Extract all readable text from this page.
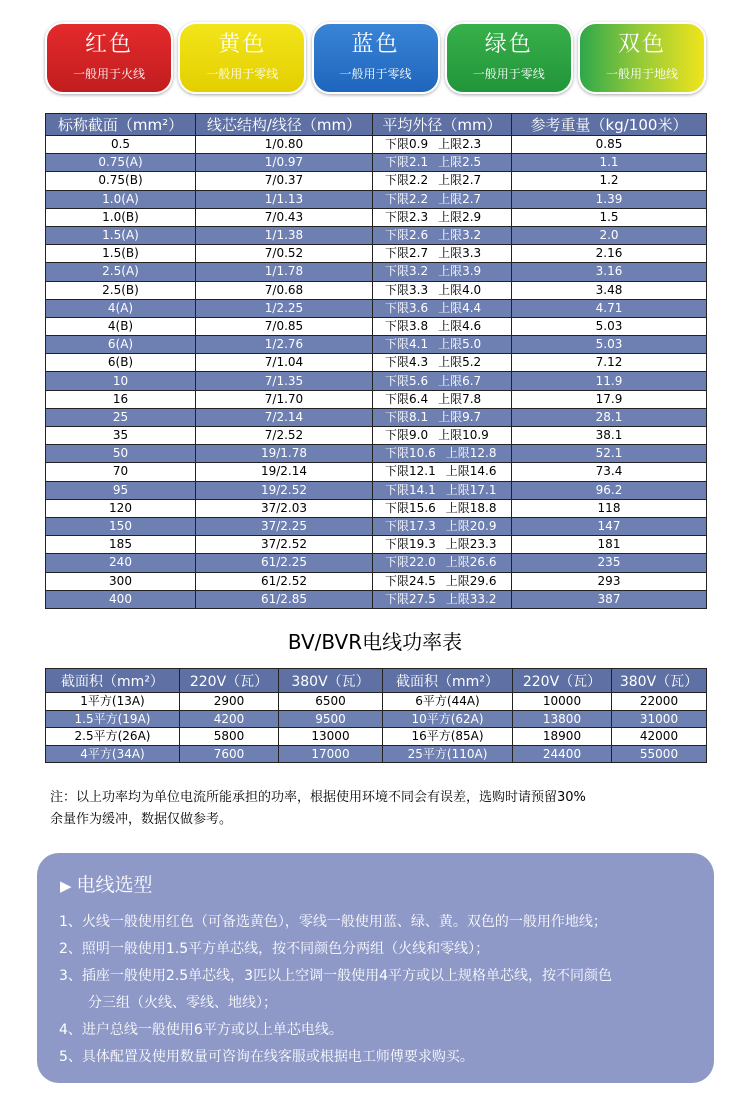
红色
一般用于火线
黄色
一般用于零线
蓝色
一般用于零线
绿色
一般用于零线
双色
一般用于地线
标称截面（mm²）	线芯结构/线径（mm）	平均外径（mm）	参考重量（kg/100米）
0.5	1/0.80	下限0.9 上限2.3	0.85
0.75(A)	1/0.97	下限2.1 上限2.5	1.1
0.75(B)	7/0.37	下限2.2 上限2.7	1.2
1.0(A)	1/1.13	下限2.2 上限2.7	1.39
1.0(B)	7/0.43	下限2.3 上限2.9	1.5
1.5(A)	1/1.38	下限2.6 上限3.2	2.0
1.5(B)	7/0.52	下限2.7 上限3.3	2.16
2.5(A)	1/1.78	下限3.2 上限3.9	3.16
2.5(B)	7/0.68	下限3.3 上限4.0	3.48
4(A)	1/2.25	下限3.6 上限4.4	4.71
4(B)	7/0.85	下限3.8 上限4.6	5.03
6(A)	1/2.76	下限4.1 上限5.0	5.03
6(B)	7/1.04	下限4.3 上限5.2	7.12
10	7/1.35	下限5.6 上限6.7	11.9
16	7/1.70	下限6.4 上限7.8	17.9
25	7/2.14	下限8.1 上限9.7	28.1
35	7/2.52	下限9.0 上限10.9	38.1
50	19/1.78	下限10.6 上限12.8	52.1
70	19/2.14	下限12.1 上限14.6	73.4
95	19/2.52	下限14.1 上限17.1	96.2
120	37/2.03	下限15.6 上限18.8	118
150	37/2.25	下限17.3 上限20.9	147
185	37/2.52	下限19.3 上限23.3	181
240	61/2.25	下限22.0 上限26.6	235
300	61/2.52	下限24.5 上限29.6	293
400	61/2.85	下限27.5 上限33.2	387
BV/BVR电线功率表
截面积（mm²）	220V（瓦）	380V（瓦）	截面积（mm²）	220V（瓦）	380V（瓦）
1平方(13A)	2900	6500	6平方(44A)	10000	22000
1.5平方(19A)	4200	9500	10平方(62A)	13800	31000
2.5平方(26A)	5800	13000	16平方(85A)	18900	42000
4平方(34A)	7600	17000	25平方(110A)	24400	55000
注：以上功率均为单位电流所能承担的功率，根据使用环境不同会有误差，选购时请预留30%
余量作为缓冲，数据仅做参考。
▶ 电线选型
1、火线一般使用红色（可备选黄色），零线一般使用蓝、绿、黄。双色的一般用作地线；
2、照明一般使用1.5平方单芯线，按不同颜色分两组（火线和零线）；
3、插座一般使用2.5单芯线，3匹以上空调一般使用4平方或以上规格单芯线，按不同颜色
分三组（火线、零线、地线）；
4、进户总线一般使用6平方或以上单芯电线。
5、具体配置及使用数量可咨询在线客服或根据电工师傅要求购买。
